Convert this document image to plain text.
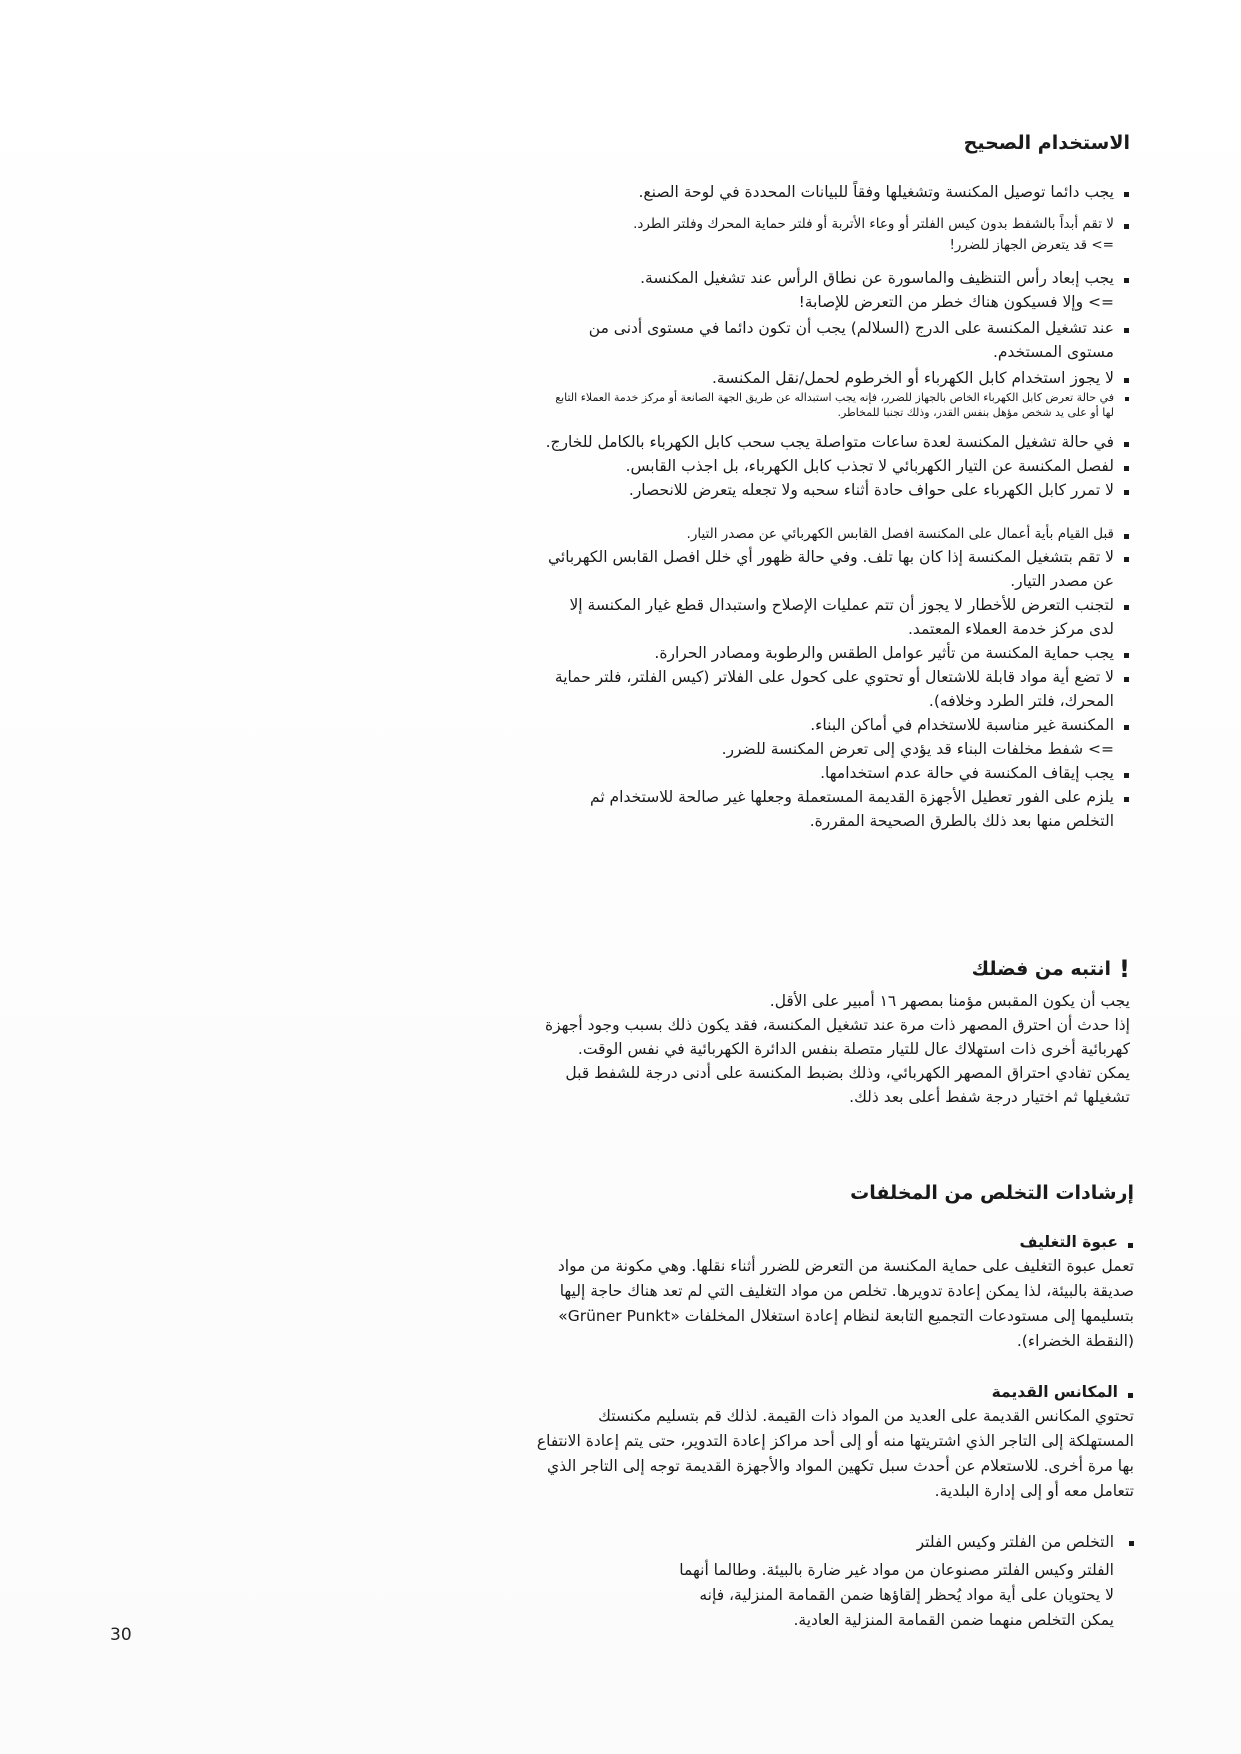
الاستخدام الصحيح
يجب دائما توصيل المكنسة وتشغيلها وفقاً للبيانات المحددة في لوحة الصنع.
لا تقم أبداً بالشفط بدون كيس الفلتر أو وعاء الأتربة أو فلتر حماية المحرك وفلتر الطرد.
=> قد يتعرض الجهاز للضرر!
يجب إبعاد رأس التنظيف والماسورة عن نطاق الرأس عند تشغيل المكنسة.
=> وإلا فسيكون هناك خطر من التعرض للإصابة!
عند تشغيل المكنسة على الدرج (السلالم) يجب أن تكون دائما في مستوى أدنى من مستوى المستخدم.
لا يجوز استخدام كابل الكهرباء أو الخرطوم لحمل/نقل المكنسة.
في حالة تعرض كابل الكهرباء الخاص بالجهاز للضرر، فإنه يجب استبداله عن طريق الجهة الصانعة أو مركز خدمة العملاء التابع لها أو على يد شخص مؤهل بنفس القدر، وذلك تجنبا للمخاطر.
في حالة تشغيل المكنسة لعدة ساعات متواصلة يجب سحب كابل الكهرباء بالكامل للخارج.
لفصل المكنسة عن التيار الكهربائي لا تجذب كابل الكهرباء، بل اجذب القابس.
لا تمرر كابل الكهرباء على حواف حادة أثناء سحبه ولا تجعله يتعرض للانحصار.
قبل القيام بأية أعمال على المكنسة افصل القابس الكهربائي عن مصدر التيار.
لا تقم بتشغيل المكنسة إذا كان بها تلف. وفي حالة ظهور أي خلل افصل القابس الكهربائي عن مصدر التيار.
لتجنب التعرض للأخطار لا يجوز أن تتم عمليات الإصلاح واستبدال قطع غيار المكنسة إلا لدى مركز خدمة العملاء المعتمد.
يجب حماية المكنسة من تأثير عوامل الطقس والرطوبة ومصادر الحرارة.
لا تضع أية مواد قابلة للاشتعال أو تحتوي على كحول على الفلاتر (كيس الفلتر، فلتر حماية المحرك، فلتر الطرد وخلافه).
المكنسة غير مناسبة للاستخدام في أماكن البناء.
=> شفط مخلفات البناء قد يؤدي إلى تعرض المكنسة للضرر.
يجب إيقاف المكنسة في حالة عدم استخدامها.
يلزم على الفور تعطيل الأجهزة القديمة المستعملة وجعلها غير صالحة للاستخدام ثم التخلص منها بعد ذلك بالطرق الصحيحة المقررة.
!
انتبه من فضلك

يجب أن يكون المقبس مؤمنا بمصهر ١٦ أمبير على الأقل.

إذا حدث أن احترق المصهر ذات مرة عند تشغيل المكنسة، فقد يكون ذلك بسبب وجود أجهزة كهربائية أخرى ذات استهلاك عال للتيار متصلة بنفس الدائرة الكهربائية في نفس الوقت.

يمكن تفادي احتراق المصهر الكهربائي، وذلك بضبط المكنسة على أدنى درجة للشفط قبل تشغيلها ثم اختيار درجة شفط أعلى بعد ذلك.

إرشادات التخلص من المخلفات
عبوة التغليف

تعمل عبوة التغليف على حماية المكنسة من التعرض للضرر أثناء نقلها. وهي مكونة من مواد صديقة بالبيئة، لذا يمكن إعادة تدويرها. تخلص من مواد التغليف التي لم تعد هناك حاجة إليها بتسليمها إلى مستودعات التجميع التابعة لنظام إعادة استغلال المخلفات «Grüner Punkt» (النقطة الخضراء).

المكانس القديمة

تحتوي المكانس القديمة على العديد من المواد ذات القيمة. لذلك قم بتسليم مكنستك المستهلكة إلى التاجر الذي اشتريتها منه أو إلى أحد مراكز إعادة التدوير، حتى يتم إعادة الانتفاع بها مرة أخرى. للاستعلام عن أحدث سبل تكهين المواد والأجهزة القديمة توجه إلى التاجر الذي تتعامل معه أو إلى إدارة البلدية.

التخلص من الفلتر وكيس الفلتر

الفلتر وكيس الفلتر مصنوعان من مواد غير ضارة بالبيئة. وطالما أنهما لا يحتويان على أية مواد يُحظر إلقاؤها ضمن القمامة المنزلية، فإنه يمكن التخلص منهما ضمن القمامة المنزلية العادية.

30
